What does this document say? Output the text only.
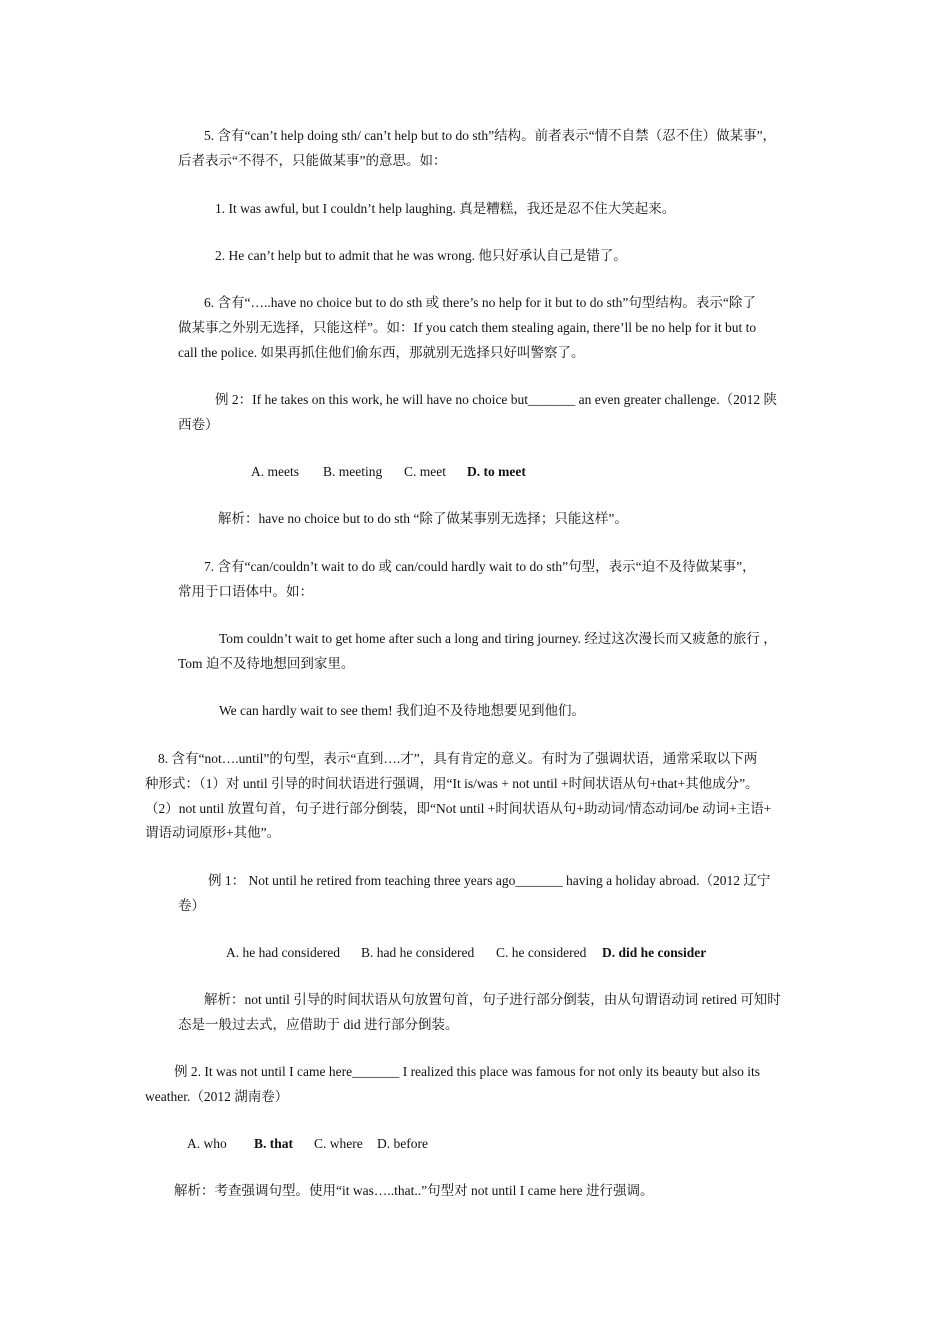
5. 含有“can’t help doing sth/ can’t help but to do sth”结构。前者表示“情不自禁（忍不住）做某事”，

后者表示“不得不，只能做某事”的意思。如：

1. It was awful, but I couldn’t help laughing. 真是糟糕，我还是忍不住大笑起来。

2. He can’t help but to admit that he was wrong. 他只好承认自己是错了。

6. 含有“…..have no choice but to do sth 或 there’s no help for it but to do sth”句型结构。表示“除了

做某事之外别无选择，只能这样”。如：If you catch them stealing again, there’ll be no help for it but to

call the police. 如果再抓住他们偷东西，那就别无选择只好叫警察了。

例 2：If he takes on this work, he will have no choice but_______ an even greater challenge.（2012 陕

西卷）

A. meets B. meeting C. meet D. to meet

解析：have no choice but to do sth “除了做某事别无选择；只能这样”。

7. 含有“can/couldn’t wait to do 或 can/could hardly wait to do sth”句型，表示“迫不及待做某事”，

常用于口语体中。如：

Tom couldn’t wait to get home after such a long and tiring journey. 经过这次漫长而又疲惫的旅行 ，

Tom 迫不及待地想回到家里。

We can hardly wait to see them! 我们迫不及待地想要见到他们。

8. 含有“not….until”的句型，表示“直到….才”，具有肯定的意义。有时为了强调状语，通常采取以下两

种形式：（1）对 until 引导的时间状语进行强调，用“It is/was + not until +时间状语从句+that+其他成分”。

（2）not until 放置句首，句子进行部分倒装，即“Not until +时间状语从句+助动词/情态动词/be 动词+主语+

谓语动词原形+其他”。

例 1： Not until he retired from teaching three years ago_______ having a holiday abroad.（2012 辽宁

卷）

A. he had considered B. had he considered C. he considered D. did he consider

解析：not until 引导的时间状语从句放置句首，句子进行部分倒装，由从句谓语动词 retired 可知时

态是一般过去式，应借助于 did 进行部分倒装。

例 2. It was not until I came here_______ I realized this place was famous for not only its beauty but also its

weather.（2012 湖南卷）

A. who B. that C. where D. before

解析：考查强调句型。使用“it was…..that..”句型对 not until I came here 进行强调。
